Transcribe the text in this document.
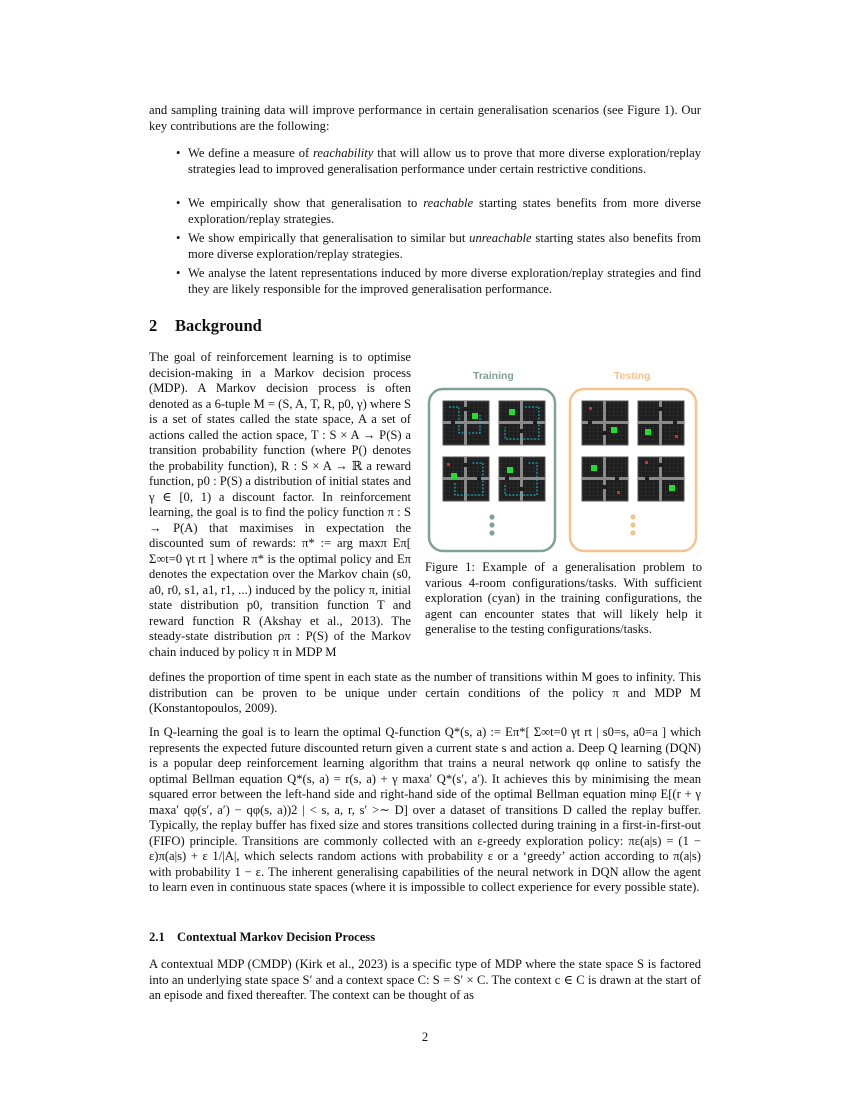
and sampling training data will improve performance in certain generalisation scenarios (see Figure 1). Our key contributions are the following:

• We define a measure of reachability that will allow us to prove that more diverse exploration/replay strategies lead to improved generalisation performance under certain restrictive conditions.

• We empirically show that generalisation to reachable starting states benefits from more diverse exploration/replay strategies.

• We show empirically that generalisation to similar but unreachable starting states also benefits from more diverse exploration/replay strategies.

• We analyse the latent representations induced by more diverse exploration/replay strategies and find they are likely responsible for the improved generalisation performance.

2 Background

The goal of reinforcement learning is to optimise decision-making in a Markov decision process (MDP). A Markov decision process is often denoted as a 6-tuple M = (S, A, T, R, p0, γ) where S is a set of states called the state space, A a set of actions called the action space, T : S × A → P(S) a transition probability function (where P() denotes the probability function), R : S × A → ℝ a reward function, p0 : P(S) a distribution of initial states and γ ∈ [0, 1) a discount factor. In reinforcement learning, the goal is to find the policy function π : S → P(A) that maximises in expectation the discounted sum of rewards: π* := arg maxπ Eπ[ Σ∞t=0 γt rt ] where π* is the optimal policy and Eπ denotes the expectation over the Markov chain (s0, a0, r0, s1, a1, r1, ...) induced by the policy π, initial state distribution p0, transition function T and reward function R (Akshay et al., 2013). The steady-state distribution ρπ : P(S) of the Markov chain induced by policy π in MDP M

Training	Testing

Figure 1: Example of a generalisation problem to various 4-room configurations/tasks. With sufficient exploration (cyan) in the training configurations, the agent can encounter states that will likely help it generalise to the testing configurations/tasks.

defines the proportion of time spent in each state as the number of transitions within M goes to infinity. This distribution can be proven to be unique under certain conditions of the policy π and MDP M (Konstantopoulos, 2009).

In Q-learning the goal is to learn the optimal Q-function Q*(s, a) := Eπ*[ Σ∞t=0 γt rt | s0=s, a0=a ] which represents the expected future discounted return given a current state s and action a. Deep Q learning (DQN) is a popular deep reinforcement learning algorithm that trains a neural network qφ online to satisfy the optimal Bellman equation Q*(s, a) = r(s, a) + γ maxa′ Q*(s′, a′). It achieves this by minimising the mean squared error between the left-hand side and right-hand side of the optimal Bellman equation minφ E[(r + γ maxa′ qφ(s′, a′) − qφ(s, a))2 | < s, a, r, s′ >∼ D] over a dataset of transitions D called the replay buffer. Typically, the replay buffer has fixed size and stores transitions collected during training in a first-in-first-out (FIFO) principle. Transitions are commonly collected with an ε-greedy exploration policy: πε(a|s) = (1 − ε)π(a|s) + ε 1/|A|, which selects random actions with probability ε or a ‘greedy’ action according to π(a|s) with probability 1 − ε. The inherent generalising capabilities of the neural network in DQN allow the agent to learn even in continuous state spaces (where it is impossible to collect experience for every possible state).

2.1 Contextual Markov Decision Process

A contextual MDP (CMDP) (Kirk et al., 2023) is a specific type of MDP where the state space S is factored into an underlying state space S′ and a context space C: S = S′ × C. The context c ∈ C is drawn at the start of an episode and fixed thereafter. The context can be thought of as

2
